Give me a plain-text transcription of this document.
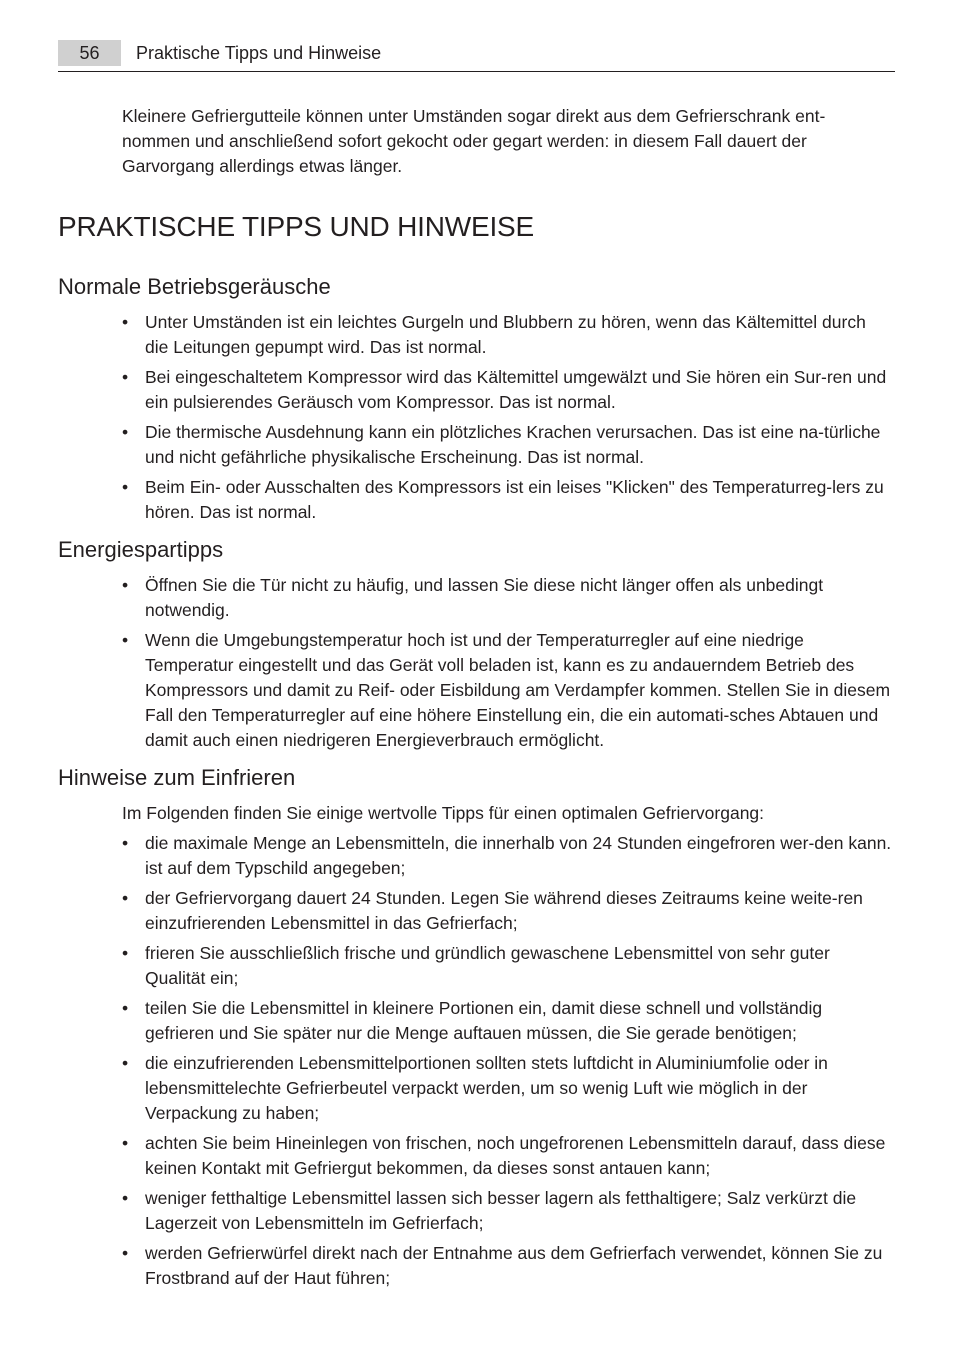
56	Praktische Tipps und Hinweise

Kleinere Gefriergutteile können unter Umständen sogar direkt aus dem Gefrierschrank ent-nommen und anschließend sofort gekocht oder gegart werden: in diesem Fall dauert der Garvorgang allerdings etwas länger.

PRAKTISCHE TIPPS UND HINWEISE
Normale Betriebsgeräusche
• Unter Umständen ist ein leichtes Gurgeln und Blubbern zu hören, wenn das Kältemittel durch die Leitungen gepumpt wird. Das ist normal.
• Bei eingeschaltetem Kompressor wird das Kältemittel umgewälzt und Sie hören ein Sur-ren und ein pulsierendes Geräusch vom Kompressor. Das ist normal.
• Die thermische Ausdehnung kann ein plötzliches Krachen verursachen. Das ist eine na-türliche und nicht gefährliche physikalische Erscheinung. Das ist normal.
• Beim Ein- oder Ausschalten des Kompressors ist ein leises "Klicken" des Temperaturreg-lers zu hören. Das ist normal.
Energiespartipps
• Öffnen Sie die Tür nicht zu häufig, und lassen Sie diese nicht länger offen als unbedingt notwendig.
• Wenn die Umgebungstemperatur hoch ist und der Temperaturregler auf eine niedrige Temperatur eingestellt und das Gerät voll beladen ist, kann es zu andauerndem Betrieb des Kompressors und damit zu Reif- oder Eisbildung am Verdampfer kommen. Stellen Sie in diesem Fall den Temperaturregler auf eine höhere Einstellung ein, die ein automati-sches Abtauen und damit auch einen niedrigeren Energieverbrauch ermöglicht.
Hinweise zum Einfrieren

Im Folgenden finden Sie einige wertvolle Tipps für einen optimalen Gefriervorgang:

• die maximale Menge an Lebensmitteln, die innerhalb von 24 Stunden eingefroren wer-den kann. ist auf dem Typschild angegeben;
• der Gefriervorgang dauert 24 Stunden. Legen Sie während dieses Zeitraums keine weite-ren einzufrierenden Lebensmittel in das Gefrierfach;
• frieren Sie ausschließlich frische und gründlich gewaschene Lebensmittel von sehr guter Qualität ein;
• teilen Sie die Lebensmittel in kleinere Portionen ein, damit diese schnell und vollständig gefrieren und Sie später nur die Menge auftauen müssen, die Sie gerade benötigen;
• die einzufrierenden Lebensmittelportionen sollten stets luftdicht in Aluminiumfolie oder in lebensmittelechte Gefrierbeutel verpackt werden, um so wenig Luft wie möglich in der Verpackung zu haben;
• achten Sie beim Hineinlegen von frischen, noch ungefrorenen Lebensmitteln darauf, dass diese keinen Kontakt mit Gefriergut bekommen, da dieses sonst antauen kann;
• weniger fetthaltige Lebensmittel lassen sich besser lagern als fetthaltigere; Salz verkürzt die Lagerzeit von Lebensmitteln im Gefrierfach;
• werden Gefrierwürfel direkt nach der Entnahme aus dem Gefrierfach verwendet, können Sie zu Frostbrand auf der Haut führen;
